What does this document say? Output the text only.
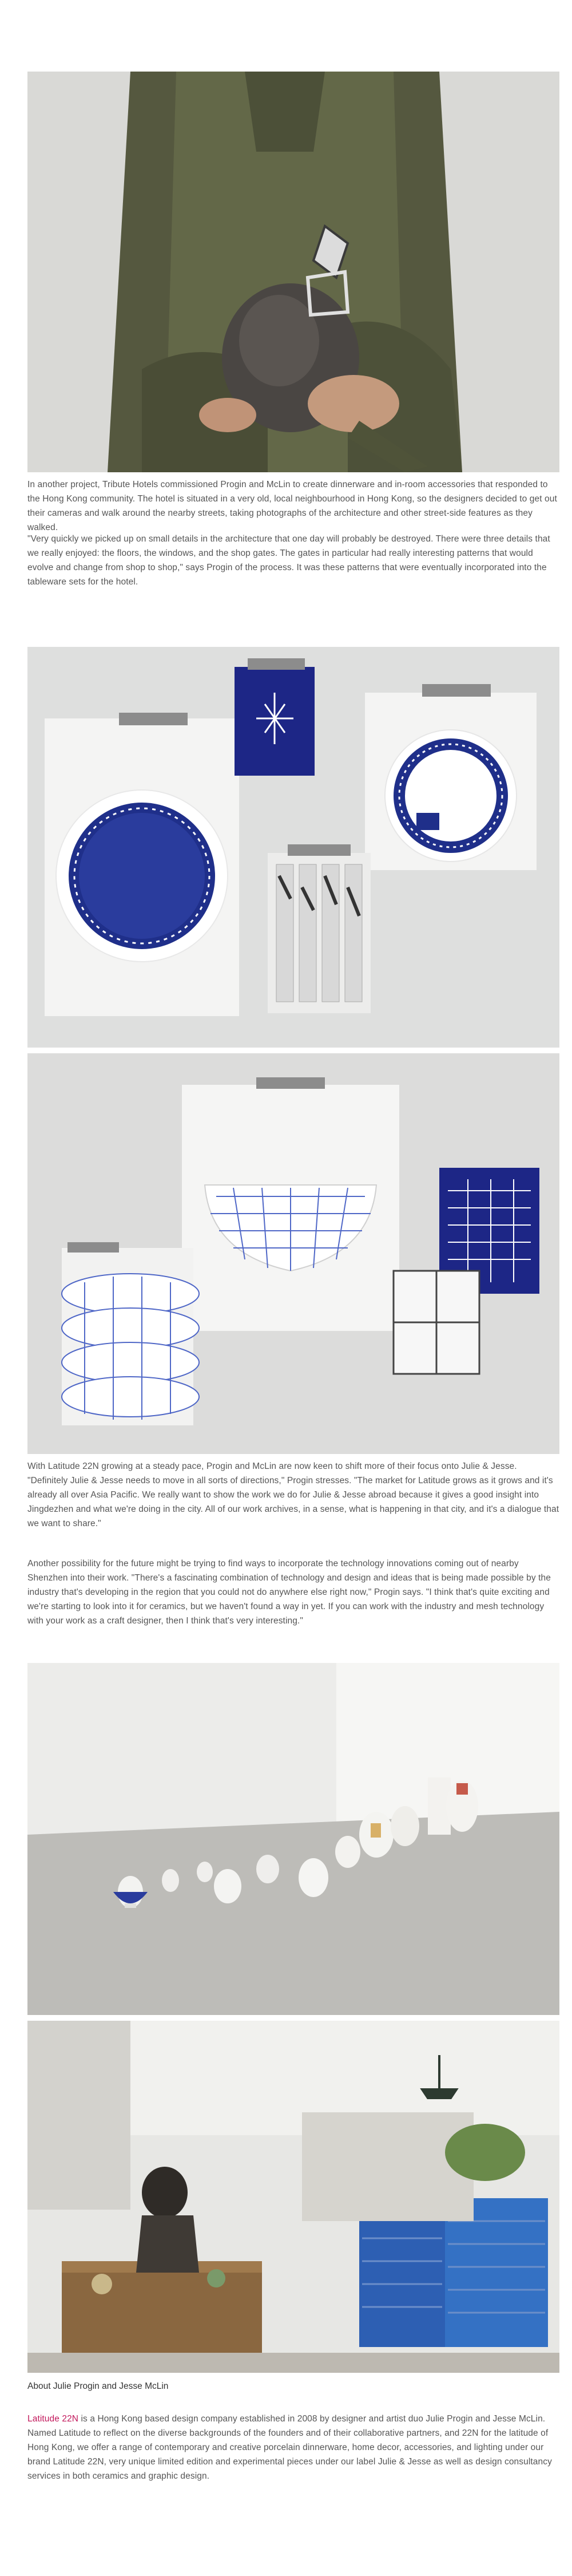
In another project, Tribute Hotels commissioned Progin and McLin to create dinnerware and in-room accessories that responded to the Hong Kong community. The hotel is situated in a very old, local neighbourhood in Hong Kong, so the designers decided to get out their cameras and walk around the nearby streets, taking photographs of the architecture and other street-side features as they walked.

"Very quickly we picked up on small details in the architecture that one day will probably be destroyed. There were three details that we really enjoyed: the floors, the windows, and the shop gates. The gates in particular had really interesting patterns that would evolve and change from shop to shop," says Progin of the process. It was these patterns that were eventually incorporated into the tableware sets for the hotel.

With Latitude 22N growing at a steady pace, Progin and McLin are now keen to shift more of their focus onto Julie & Jesse. "Definitely Julie & Jesse needs to move in all sorts of directions," Progin stresses. "The market for Latitude grows as it grows and it's already all over Asia Pacific. We really want to show the work we do for Julie & Jesse abroad because it gives a good insight into Jingdezhen and what we're doing in the city. All of our work archives, in a sense, what is happening in that city, and it's a dialogue that we want to share."

Another possibility for the future might be trying to find ways to incorporate the technology innovations coming out of nearby Shenzhen into their work. "There's a fascinating combination of technology and design and ideas that is being made possible by the industry that's developing in the region that you could not do anywhere else right now," Progin says. "I think that's quite exciting and we're starting to look into it for ceramics, but we haven't found a way in yet. If you can work with the industry and mesh technology with your work as a craft designer, then I think that's very interesting."

About Julie Progin and Jesse McLin

Latitude 22N is a Hong Kong based design company established in 2008 by designer and artist duo Julie Progin and Jesse McLin. Named Latitude to reflect on the diverse backgrounds of the founders and of their collaborative partners, and 22N for the latitude of Hong Kong, we offer a range of contemporary and creative porcelain dinnerware, home decor, accessories, and lighting under our brand Latitude 22N, very unique limited edition and experimental pieces under our label Julie & Jesse as well as design consultancy services in both ceramics and graphic design.
